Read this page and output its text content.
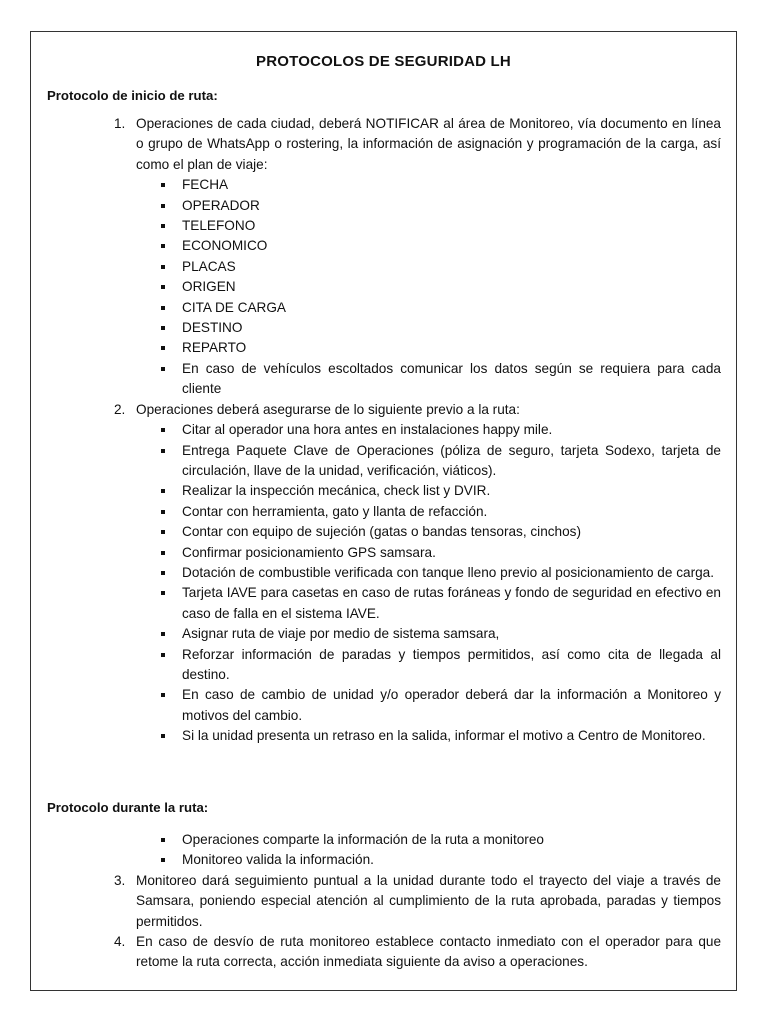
PROTOCOLOS DE SEGURIDAD LH
Protocolo de inicio de ruta:
1. Operaciones de cada ciudad, deberá NOTIFICAR al área de Monitoreo, vía documento en línea o grupo de WhatsApp o rostering, la información de asignación y programación de la carga, así como el plan de viaje:
FECHA
OPERADOR
TELEFONO
ECONOMICO
PLACAS
ORIGEN
CITA DE CARGA
DESTINO
REPARTO
En caso de vehículos escoltados comunicar los datos según se requiera para cada cliente
2. Operaciones deberá asegurarse de lo siguiente previo a la ruta:
Citar al operador una hora antes en instalaciones happy mile.
Entrega Paquete Clave de Operaciones (póliza de seguro, tarjeta Sodexo, tarjeta de circulación, llave de la unidad, verificación, viáticos).
Realizar la inspección mecánica, check list y DVIR.
Contar con herramienta, gato y llanta de refacción.
Contar con equipo de sujeción (gatas o bandas tensoras, cinchos)
Confirmar posicionamiento GPS samsara.
Dotación de combustible verificada con tanque lleno previo al posicionamiento de carga.
Tarjeta IAVE para casetas en caso de rutas foráneas y fondo de seguridad en efectivo en caso de falla en el sistema IAVE.
Asignar ruta de viaje por medio de sistema samsara,
Reforzar información de paradas y tiempos permitidos, así como cita de llegada al destino.
En caso de cambio de unidad y/o operador deberá dar la información a Monitoreo y motivos del cambio.
Si la unidad presenta un retraso en la salida, informar el motivo a Centro de Monitoreo.
Protocolo durante la ruta:
Operaciones comparte la información de la ruta a monitoreo
Monitoreo valida la información.
3. Monitoreo dará seguimiento puntual a la unidad durante todo el trayecto del viaje a través de Samsara, poniendo especial atención al cumplimiento de la ruta aprobada, paradas y tiempos permitidos.
4. En caso de desvío de ruta monitoreo establece contacto inmediato con el operador para que retome la ruta correcta, acción inmediata siguiente da aviso a operaciones.
